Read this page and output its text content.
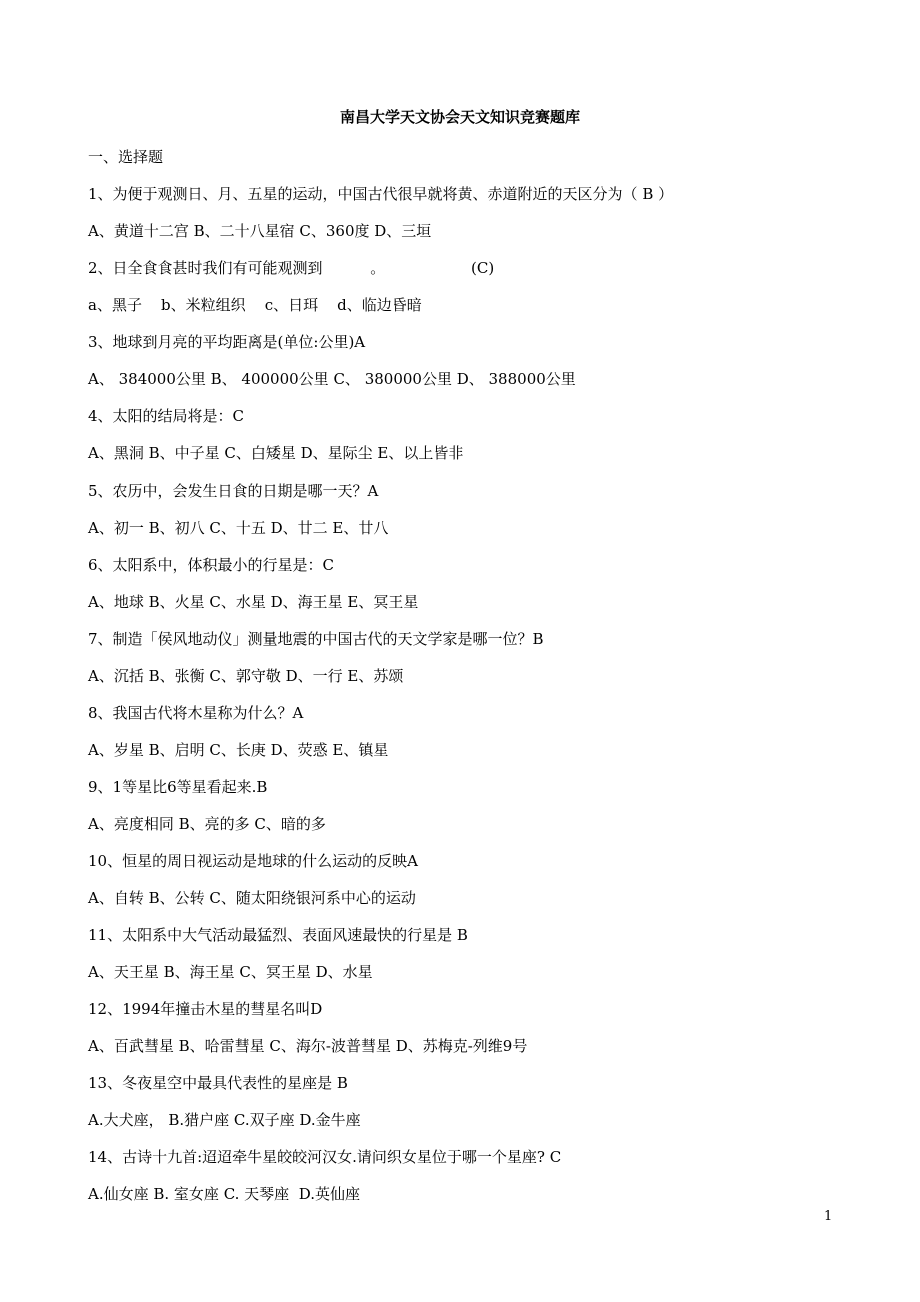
南昌大学天文协会天文知识竞赛题库
一、选择题
1、为便于观测日、月、五星的运动，中国古代很早就将黄、赤道附近的天区分为（ B ）
A、黄道十二宫 B、二十八星宿 C、360度 D、三垣
2、日全食食甚时我们有可能观测到          。                  (C)
a、黑子    b、米粒组织    c、日珥    d、临边昏暗
3、地球到月亮的平均距离是(单位:公里)A
A、 384000公里 B、 400000公里 C、 380000公里 D、 388000公里
4、太阳的结局将是：C
A、黑洞 B、中子星 C、白矮星 D、星际尘 E、以上皆非
5、农历中，会发生日食的日期是哪一天？A
A、初一 B、初八 C、十五 D、廿二 E、廿八
6、太阳系中，体积最小的行星是：C
A、地球 B、火星 C、水星 D、海王星 E、冥王星
7、制造「侯风地动仪」测量地震的中国古代的天文学家是哪一位？B
A、沉括 B、张衡 C、郭守敬 D、一行 E、苏颂
8、我国古代将木星称为什么？A
A、岁星 B、启明 C、长庚 D、荧惑 E、镇星
9、1等星比6等星看起来.B
A、亮度相同 B、亮的多 C、暗的多
10、恒星的周日视运动是地球的什么运动的反映A
A、自转 B、公转 C、随太阳绕银河系中心的运动
11、太阳系中大气活动最猛烈、表面风速最快的行星是 B
A、天王星 B、海王星 C、冥王星 D、水星
12、1994年撞击木星的彗星名叫D
A、百武彗星 B、哈雷彗星 C、海尔-波普彗星 D、苏梅克-列维9号
13、冬夜星空中最具代表性的星座是 B
A.大犬座， B.猎户座 C.双子座 D.金牛座
14、古诗十九首:迢迢牵牛星皎皎河汉女.请问织女星位于哪一个星座? C
A.仙女座 B. 室女座 C. 天琴座  D.英仙座
1
